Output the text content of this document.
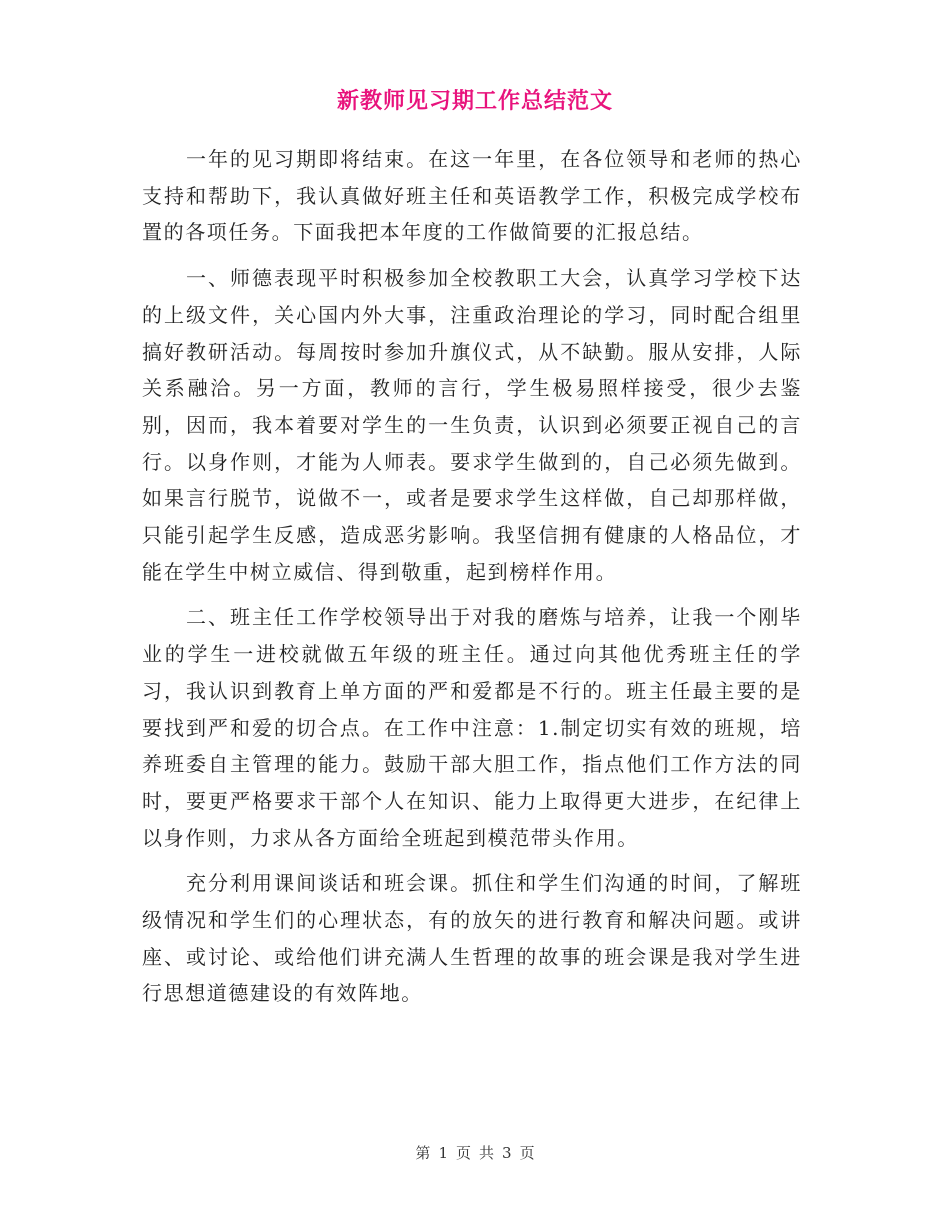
新教师见习期工作总结范文

一年的见习期即将结束。在这一年里，在各位领导和老师的热心支持和帮助下，我认真做好班主任和英语教学工作，积极完成学校布置的各项任务。下面我把本年度的工作做简要的汇报总结。

一、师德表现平时积极参加全校教职工大会，认真学习学校下达的上级文件，关心国内外大事，注重政治理论的学习，同时配合组里搞好教研活动。每周按时参加升旗仪式，从不缺勤。服从安排，人际关系融洽。另一方面，教师的言行，学生极易照样接受，很少去鉴别，因而，我本着要对学生的一生负责，认识到必须要正视自己的言行。以身作则，才能为人师表。要求学生做到的，自己必须先做到。如果言行脱节，说做不一，或者是要求学生这样做，自己却那样做，只能引起学生反感，造成恶劣影响。我坚信拥有健康的人格品位，才能在学生中树立威信、得到敬重，起到榜样作用。

二、班主任工作学校领导出于对我的磨炼与培养，让我一个刚毕业的学生一进校就做五年级的班主任。通过向其他优秀班主任的学习，我认识到教育上单方面的严和爱都是不行的。班主任最主要的是要找到严和爱的切合点。在工作中注意：1.制定切实有效的班规，培养班委自主管理的能力。鼓励干部大胆工作，指点他们工作方法的同时，要更严格要求干部个人在知识、能力上取得更大进步，在纪律上以身作则，力求从各方面给全班起到模范带头作用。

充分利用课间谈话和班会课。抓住和学生们沟通的时间，了解班级情况和学生们的心理状态，有的放矢的进行教育和解决问题。或讲座、或讨论、或给他们讲充满人生哲理的故事的班会课是我对学生进行思想道德建设的有效阵地。

第 1 页 共 3 页
